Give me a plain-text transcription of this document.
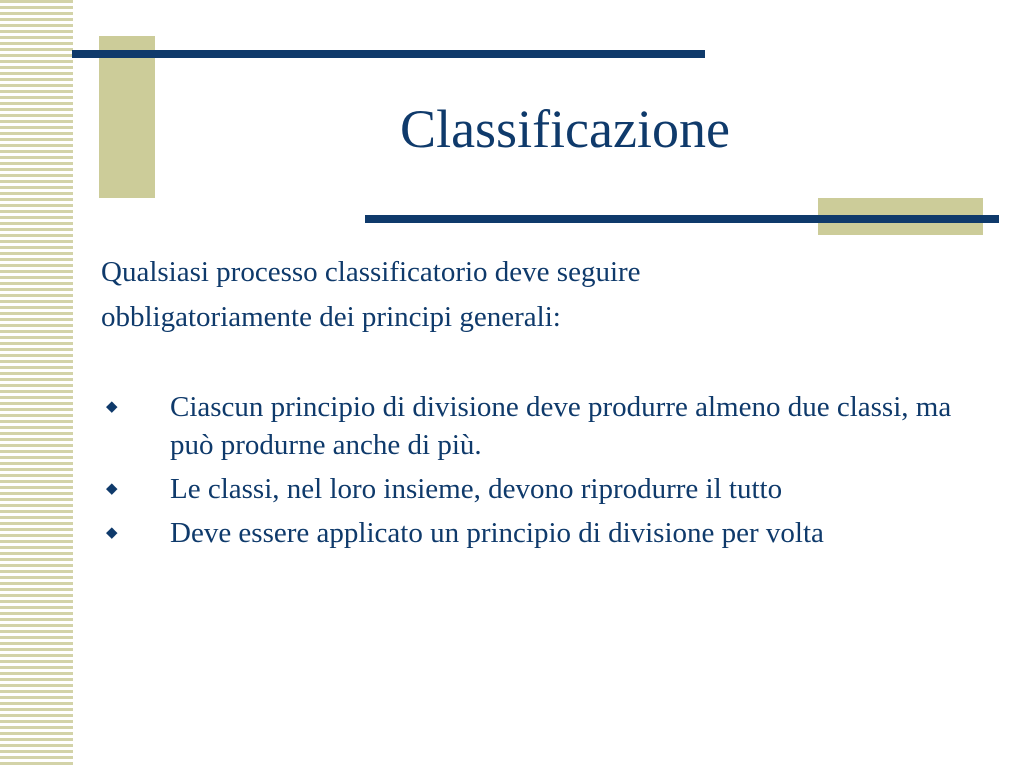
Classificazione

Qualsiasi processo classificatorio deve seguire
obbligatoriamente dei principi generali:

◆ Ciascun principio di divisione deve produrre almeno due classi, ma può produrne anche di più.
◆ Le classi, nel loro insieme, devono riprodurre il tutto
◆ Deve essere applicato un principio di divisione per volta
